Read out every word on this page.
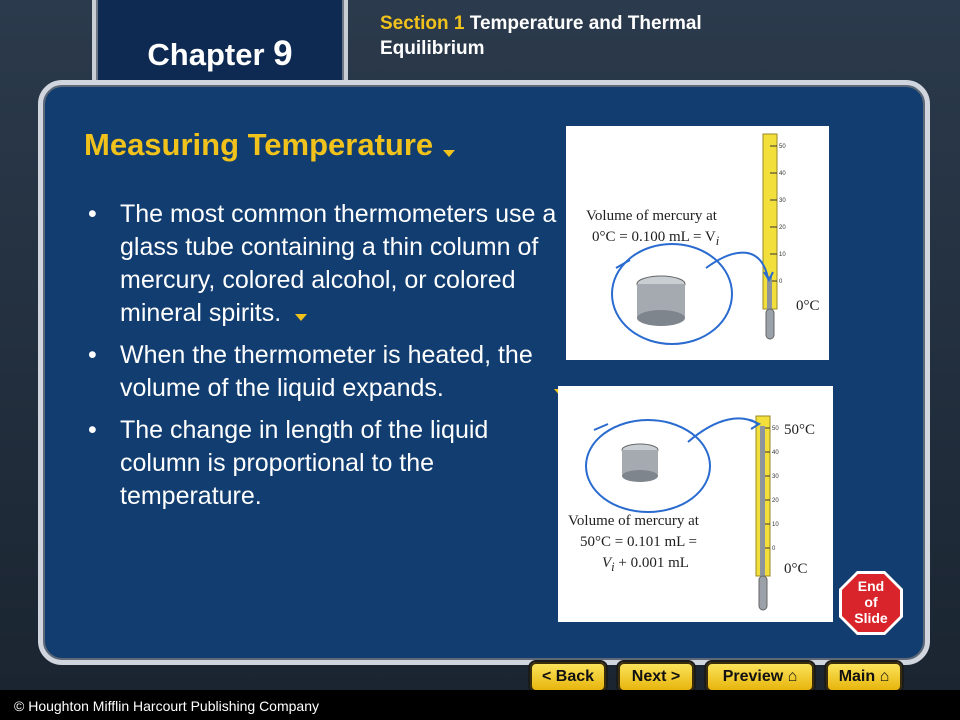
Chapter 9
Section 1 Temperature and Thermal Equilibrium
Measuring Temperature
• The most common thermometers use a glass tube containing a thin column of mercury, colored alcohol, or colored mineral spirits.
• When the thermometer is heated, the volume of the liquid expands.
• The change in length of the liquid column is proportional to the temperature.
50
40
30
20
10
0
Volume of mercury at
0°C = 0.100 mL = $V_i$
0°C
50
40
30
20
10
0
50°C
Volume of mercury at
50°C = 0.101 mL =
$V_i + 0.001$ mL	0°C
End
of
Slide
< Back	Next >	Preview ⌂	Main ⌂
© Houghton Mifflin Harcourt Publishing Company
